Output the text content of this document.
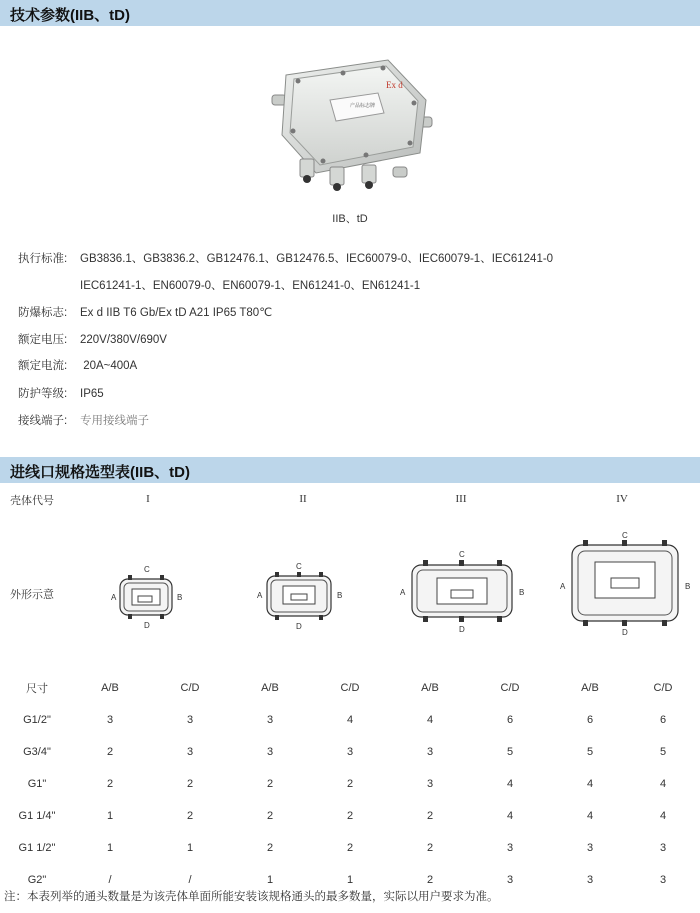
技术参数(IIB、tD)
产品标志牌
Ex d
IIB、tD
执行标准: GB3836.1、GB3836.2、GB12476.1、GB12476.5、IEC60079-0、IEC60079-1、IEC61241-0
IEC61241-1、EN60079-0、EN60079-1、EN61241-0、EN61241-1
防爆标志: Ex d IIB T6 Gb/Ex tD A21 IP65 T80℃
额定电压: 220V/380V/690V
额定电流: 20A~400A
防护等级: IP65
接线端子: 专用接线端子
进线口规格选型表(IIB、tD)
壳体代号	I	II	III	IV
外形示意
C
D
A	B
C
D
A	B
C
D
A	B
C
D
A	B
尺寸	A/B	C/D	A/B	C/D	A/B	C/D	A/B	C/D
G1/2"	3	3	3	4	4	6	6	6
G3/4"	2	3	3	3	3	5	5	5
G1"	2	2	2	2	3	4	4	4
G1 1/4"	1	2	2	2	2	4	4	4
G1 1/2"	1	1	2	2	2	3	3	3
G2"	/	/	1	1	2	3	3	3
注：本表列举的通头数量是为该壳体单面所能安装该规格通头的最多数量，实际以用户要求为准。
